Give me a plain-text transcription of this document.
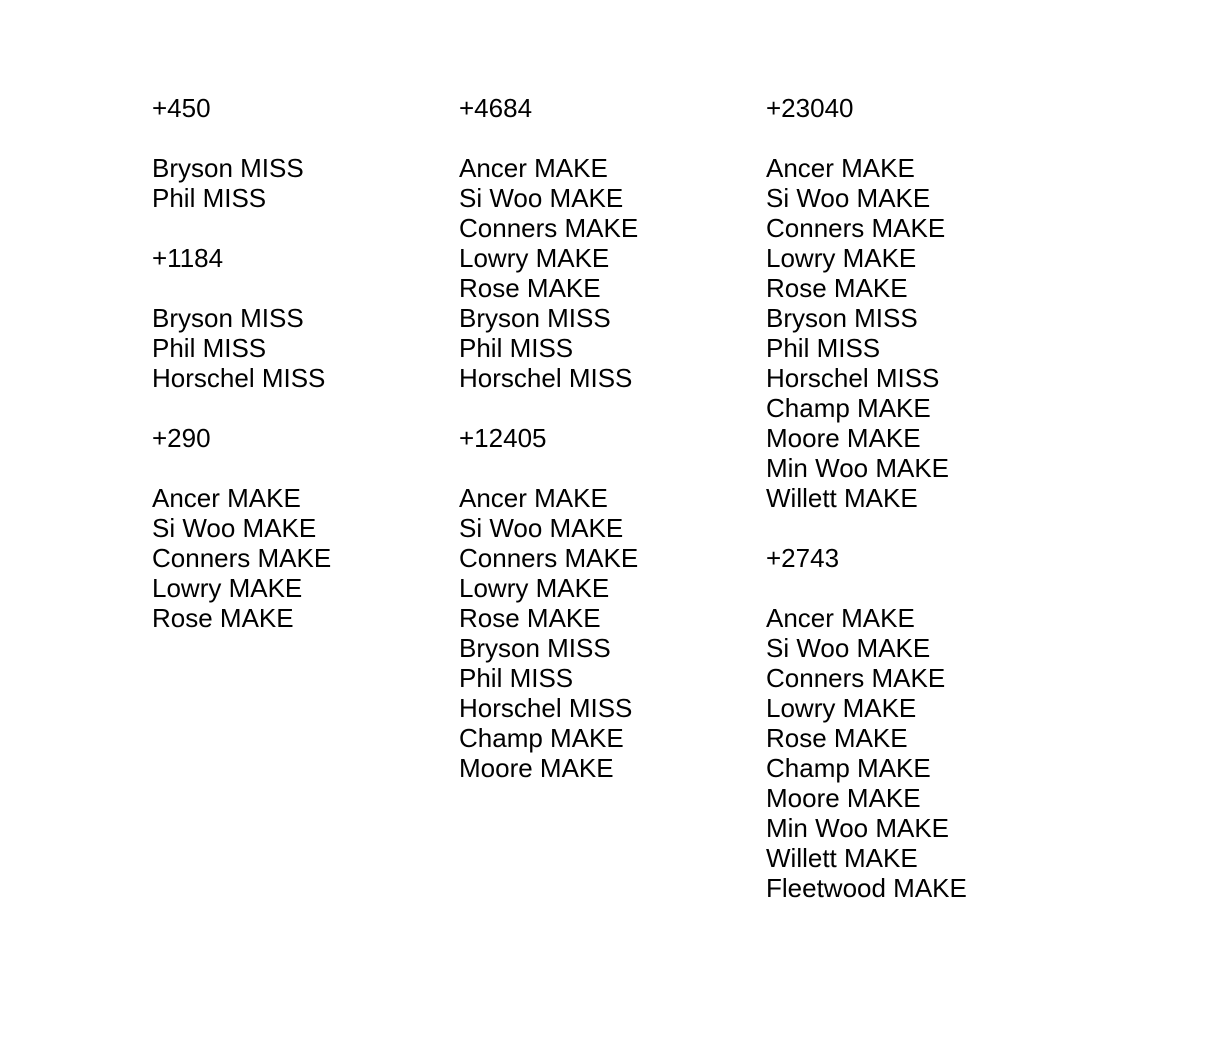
+450
Bryson MISS
Phil MISS
+1184
Bryson MISS
Phil MISS
Horschel MISS
+290
Ancer MAKE
Si Woo MAKE
Conners MAKE
Lowry MAKE
Rose MAKE
+4684
Ancer MAKE
Si Woo MAKE
Conners MAKE
Lowry MAKE
Rose MAKE
Bryson MISS
Phil MISS
Horschel MISS
+12405
Ancer MAKE
Si Woo MAKE
Conners MAKE
Lowry MAKE
Rose MAKE
Bryson MISS
Phil MISS
Horschel MISS
Champ MAKE
Moore MAKE
+23040
Ancer MAKE
Si Woo MAKE
Conners MAKE
Lowry MAKE
Rose MAKE
Bryson MISS
Phil MISS
Horschel MISS
Champ MAKE
Moore MAKE
Min Woo MAKE
Willett MAKE
+2743
Ancer MAKE
Si Woo MAKE
Conners MAKE
Lowry MAKE
Rose MAKE
Champ MAKE
Moore MAKE
Min Woo MAKE
Willett MAKE
Fleetwood MAKE
